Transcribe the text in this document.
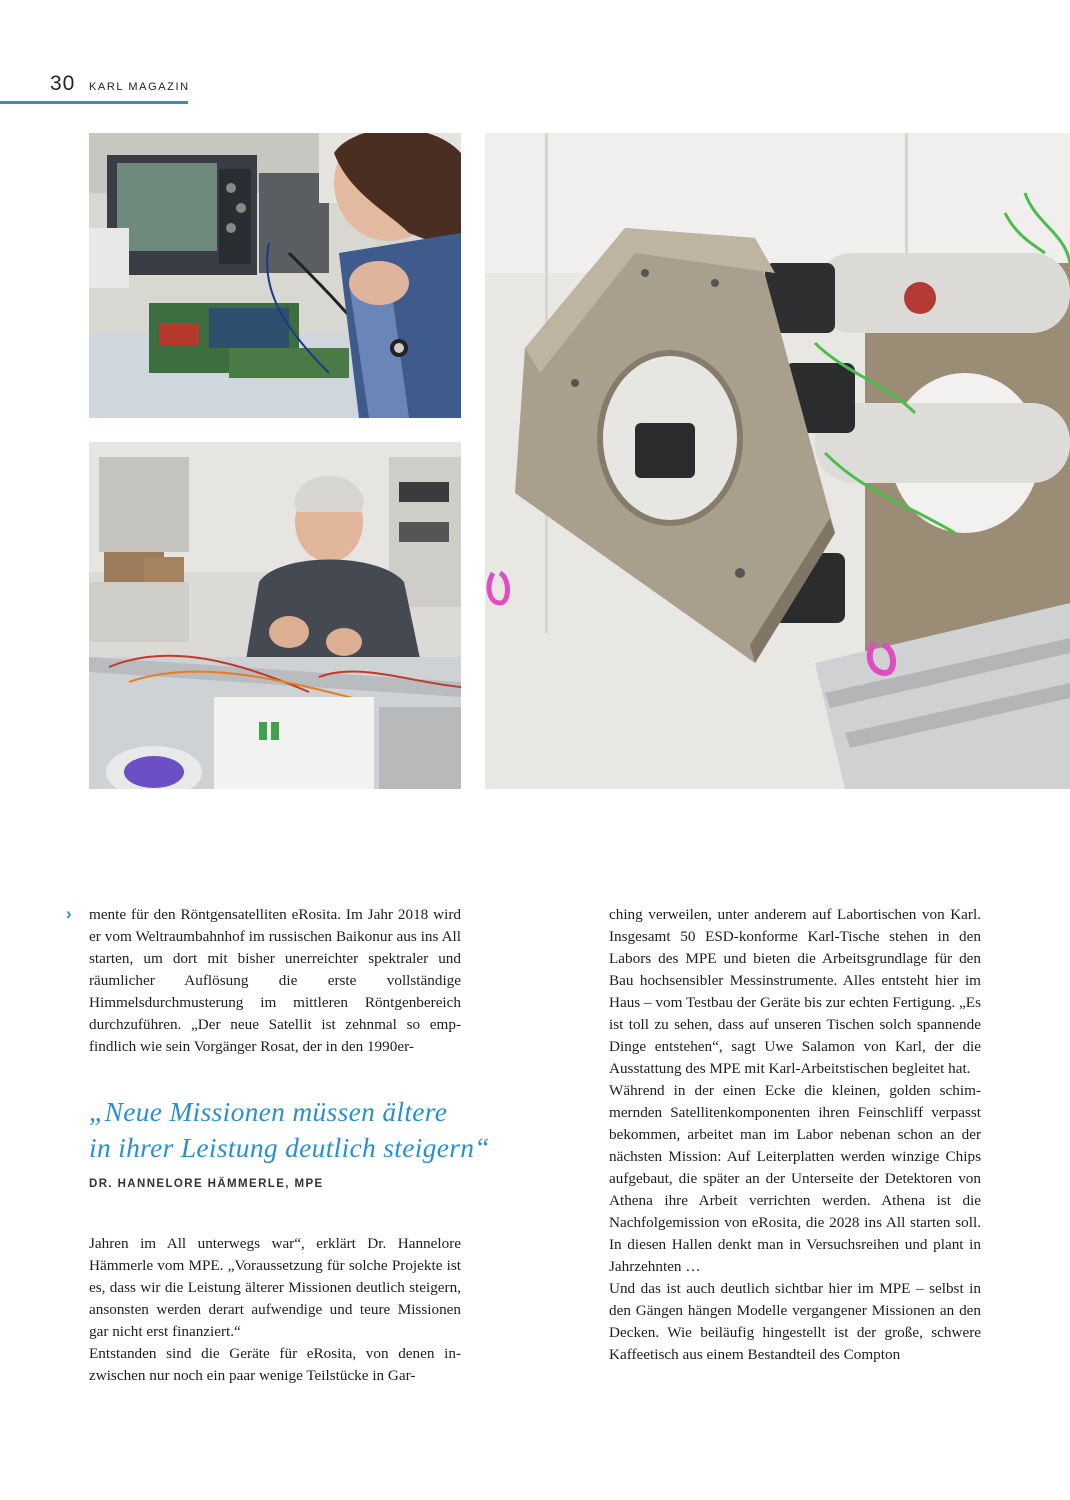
30 KARL MAGAZIN
› mente für den Röntgensatelliten eRosita. Im Jahr 2018 wird er vom Weltraumbahnhof im russischen Baikonur aus ins All starten, um dort mit bisher unerreichter spektraler und räumlicher Auflösung die erste vollständige Himmelsdurchmusterung im mittleren Röntgenbereich durchzuführen. „Der neue Satellit ist zehnmal so empfindlich wie sein Vorgänger Rosat, der in den 1990er-

„Neue Missionen müssen ältere
in ihrer Leistung deutlich steigern“
DR. HANNELORE HÄMMERLE, MPE

Jahren im All unterwegs war“, erklärt Dr. Hannelore Hämmerle vom MPE. „Voraussetzung für solche Projekte ist es, dass wir die Leistung älterer Missionen deutlich steigern, ansonsten werden derart aufwendige und teure Missionen gar nicht erst finanziert.“

Entstanden sind die Geräte für eRosita, von denen inzwischen nur noch ein paar wenige Teilstücke in Gar-

ching verweilen, unter anderem auf Labortischen von Karl. Insgesamt 50 ESD-konforme Karl-Tische stehen in den Labors des MPE und bieten die Arbeitsgrundlage für den Bau hochsensibler Messinstrumente. Alles entsteht hier im Haus – vom Testbau der Geräte bis zur echten Fertigung. „Es ist toll zu sehen, dass auf unseren Tischen solch spannende Dinge entstehen“, sagt Uwe Salamon von Karl, der die Ausstattung des MPE mit Karl-Arbeitstischen begleitet hat.

Während in der einen Ecke die kleinen, golden schimmernden Satellitenkomponenten ihren Feinschliff verpasst bekommen, arbeitet man im Labor nebenan schon an der nächsten Mission: Auf Leiterplatten werden winzige Chips aufgebaut, die später an der Unterseite der Detektoren von Athena ihre Arbeit verrichten werden. Athena ist die Nachfolgemission von eRosita, die 2028 ins All starten soll. In diesen Hallen denkt man in Versuchsreihen und plant in Jahrzehnten …

Und das ist auch deutlich sichtbar hier im MPE – selbst in den Gängen hängen Modelle vergangener Missionen an den Decken. Wie beiläufig hingestellt ist der große, schwere Kaffeetisch aus einem Bestandteil des Compton
